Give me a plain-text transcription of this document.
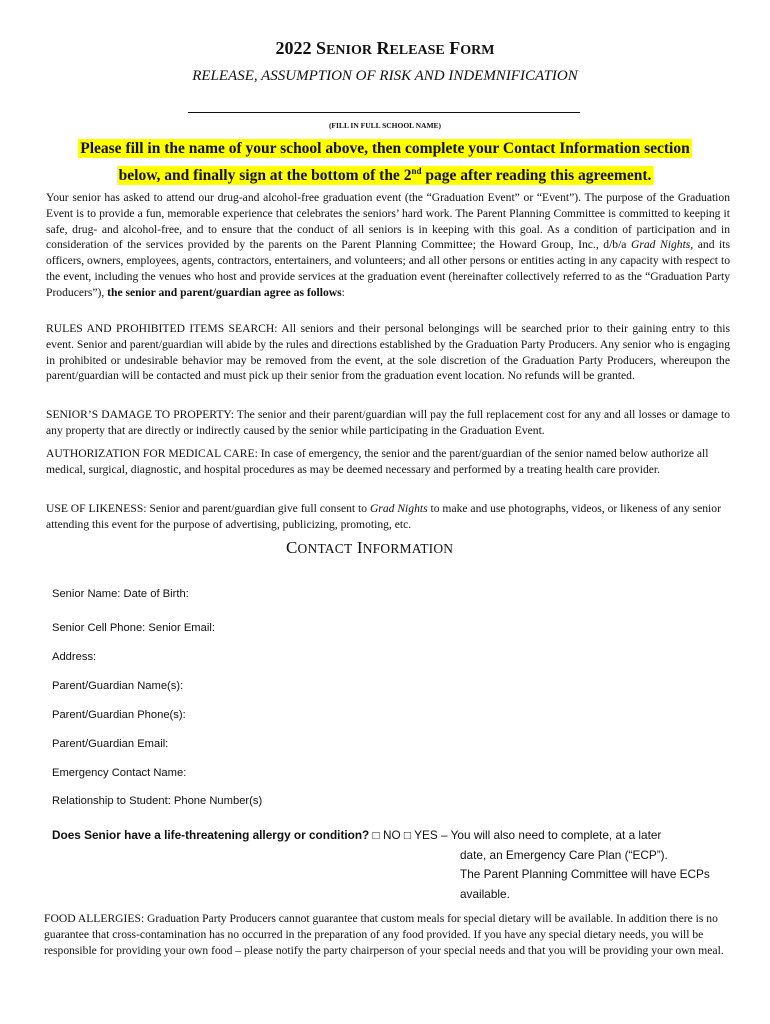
2022 SENIOR RELEASE FORM
RELEASE, ASSUMPTION OF RISK AND INDEMNIFICATION
(FILL IN FULL SCHOOL NAME)
Please fill in the name of your school above, then complete your Contact Information section
below, and finally sign at the bottom of the 2nd page after reading this agreement.
Your senior has asked to attend our drug-and alcohol-free graduation event (the “Graduation Event” or “Event”). The purpose of the Graduation Event is to provide a fun, memorable experience that celebrates the seniors’ hard work. The Parent Planning Committee is committed to keeping it safe, drug- and alcohol-free, and to ensure that the conduct of all seniors is in keeping with this goal. As a condition of participation and in consideration of the services provided by the parents on the Parent Planning Committee; the Howard Group, Inc., d/b/a Grad Nights, and its officers, owners, employees, agents, contractors, entertainers, and volunteers; and all other persons or entities acting in any capacity with respect to the event, including the venues who host and provide services at the graduation event (hereinafter collectively referred to as the “Graduation Party Producers”), the senior and parent/guardian agree as follows:
RULES AND PROHIBITED ITEMS SEARCH: All seniors and their personal belongings will be searched prior to their gaining entry to this event. Senior and parent/guardian will abide by the rules and directions established by the Graduation Party Producers. Any senior who is engaging in prohibited or undesirable behavior may be removed from the event, at the sole discretion of the Graduation Party Producers, whereupon the parent/guardian will be contacted and must pick up their senior from the graduation event location. No refunds will be granted.
SENIOR’S DAMAGE TO PROPERTY: The senior and their parent/guardian will pay the full replacement cost for any and all losses or damage to any property that are directly or indirectly caused by the senior while participating in the Graduation Event.
AUTHORIZATION FOR MEDICAL CARE: In case of emergency, the senior and the parent/guardian of the senior named below authorize all medical, surgical, diagnostic, and hospital procedures as may be deemed necessary and performed by a treating health care provider.
USE OF LIKENESS: Senior and parent/guardian give full consent to Grad Nights to make and use photographs, videos, or likeness of any senior attending this event for the purpose of advertising, publicizing, promoting, etc.
CONTACT INFORMATION
Senior Name: Date of Birth:
Senior Cell Phone: Senior Email:
Address:
Parent/Guardian Name(s):
Parent/Guardian Phone(s):
Parent/Guardian Email:
Emergency Contact Name:
Relationship to Student: Phone Number(s)
Does Senior have a life-threatening allergy or condition? □ NO □ YES – You will also need to complete, at a later
date, an Emergency Care Plan (“ECP”).
The Parent Planning Committee will have ECPs
available.
FOOD ALLERGIES: Graduation Party Producers cannot guarantee that custom meals for special dietary will be available. In addition there is no guarantee that cross-contamination has no occurred in the preparation of any food provided. If you have any special dietary needs, you will be responsible for providing your own food – please notify the party chairperson of your special needs and that you will be providing your own meal.
